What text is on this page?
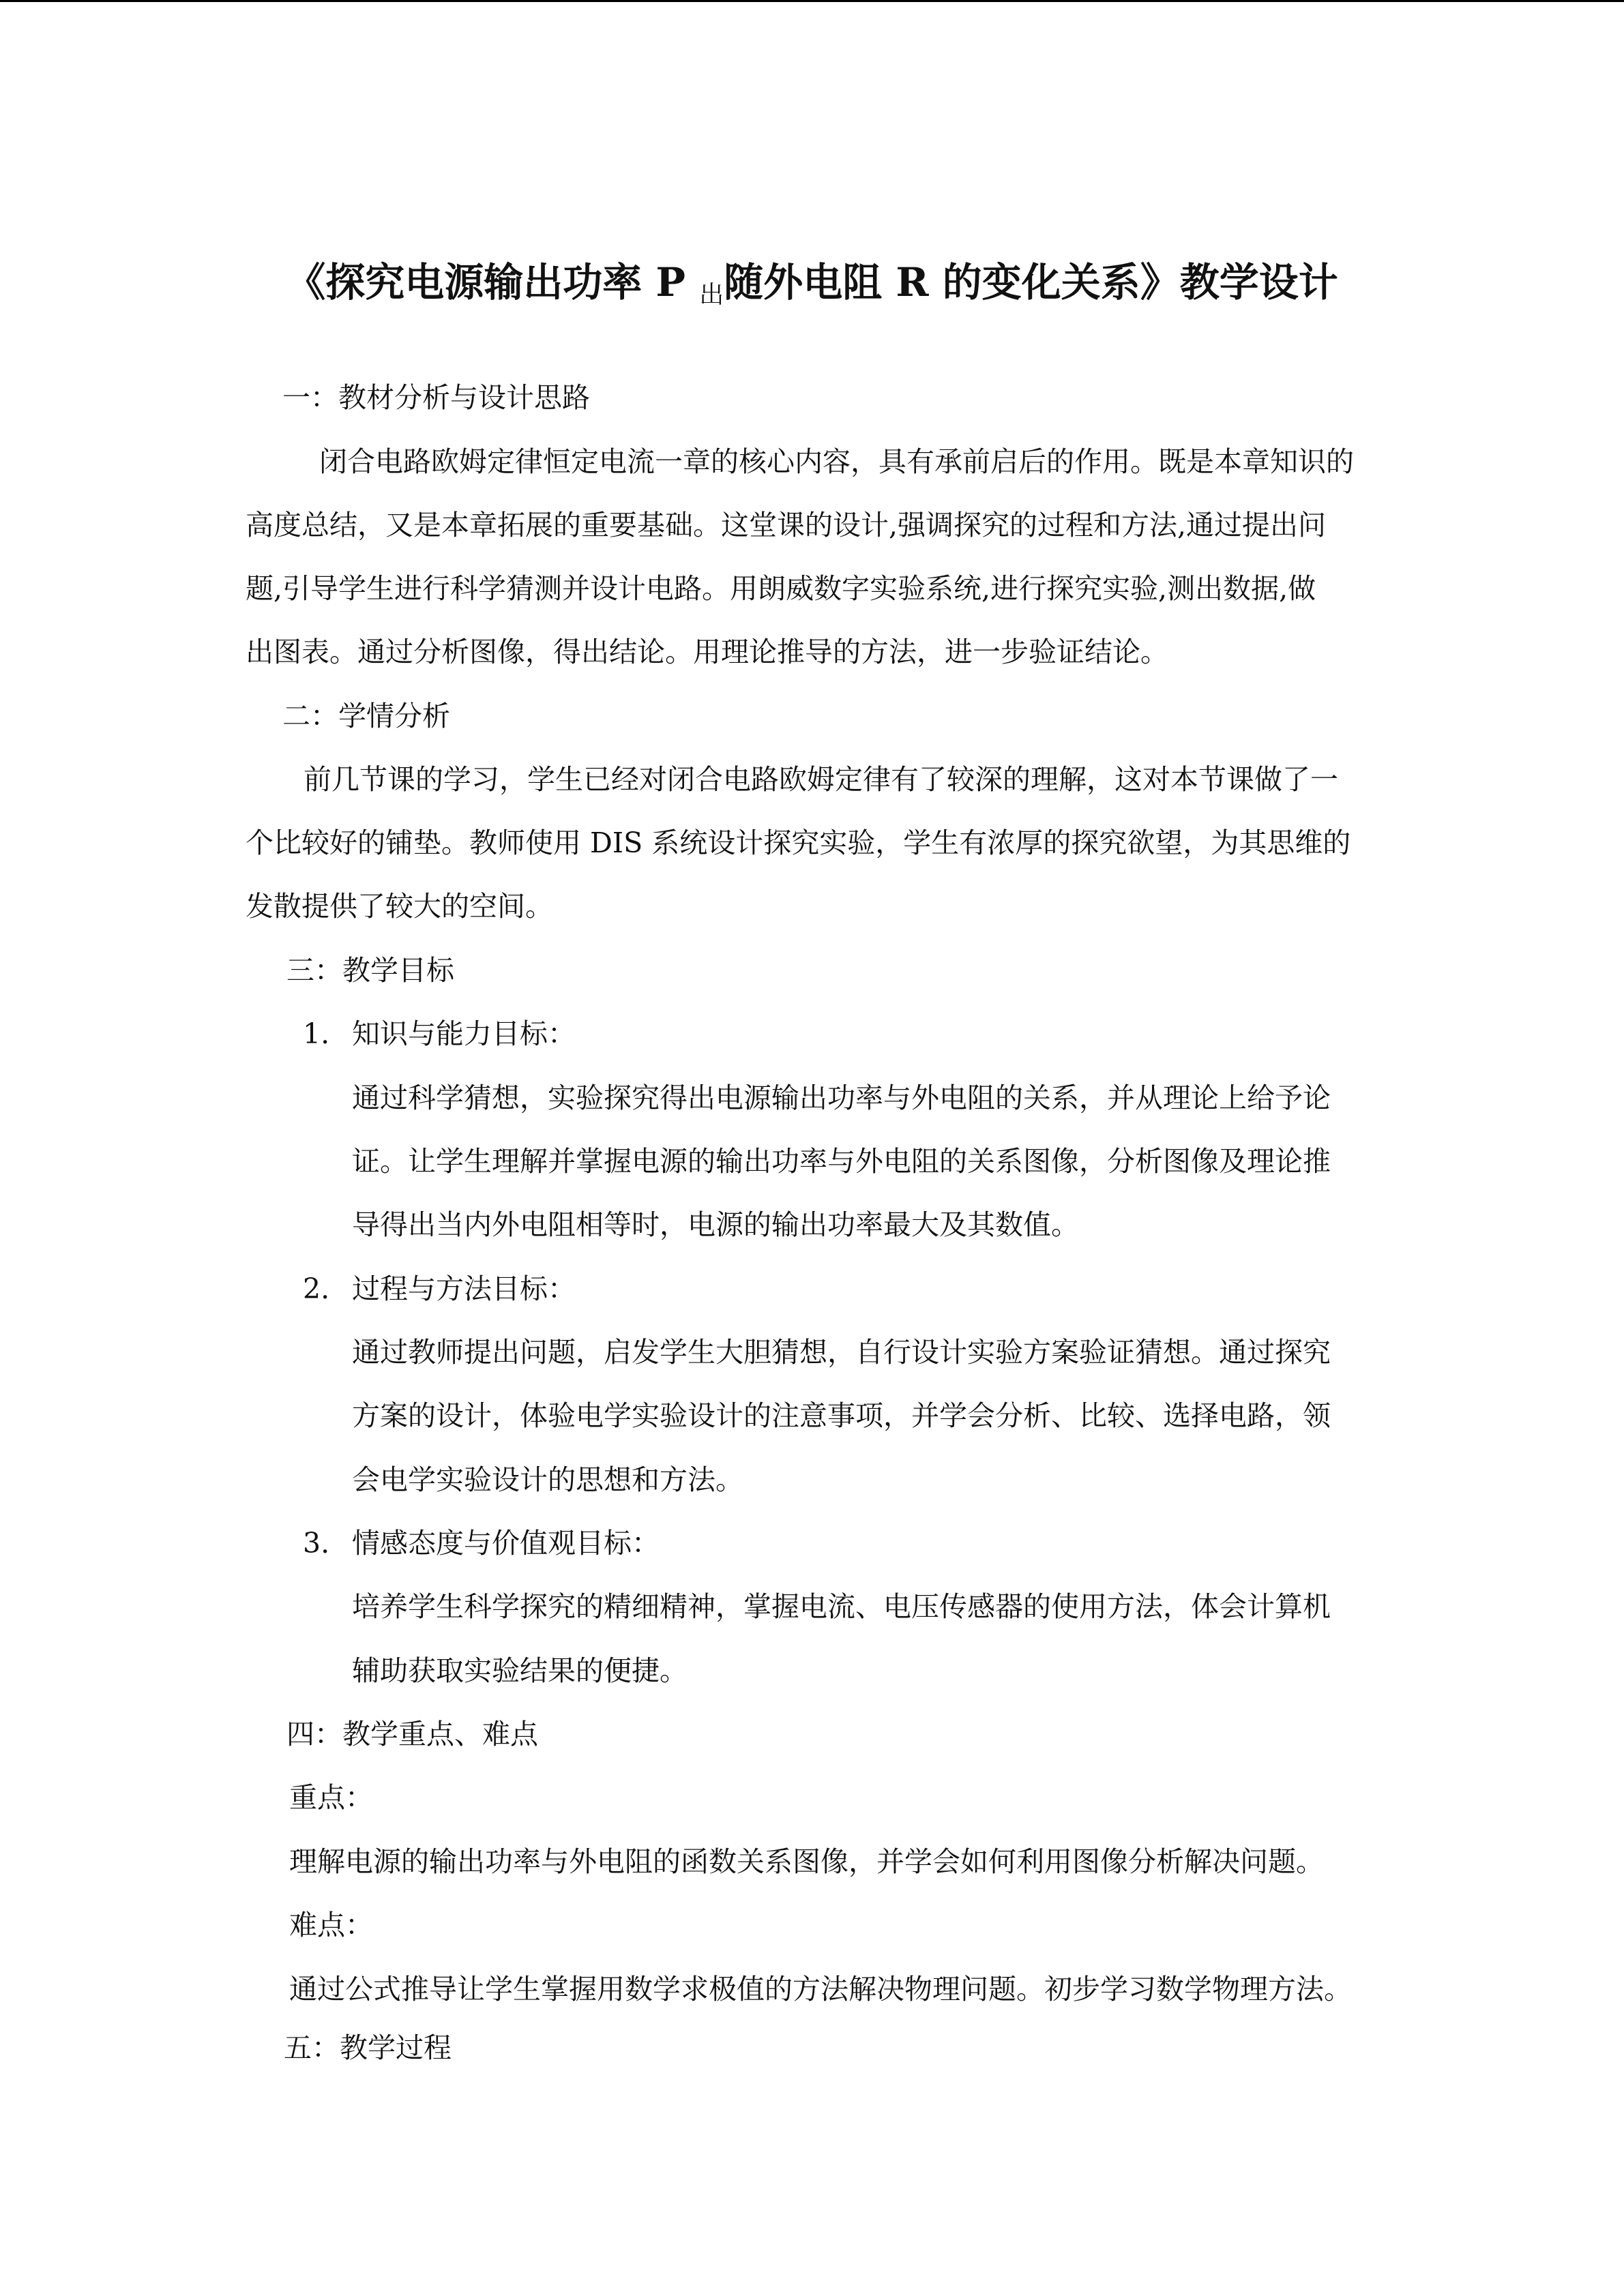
《探究电源输出功率 P $_出$随外电阻 R 的变化关系》教学设计
一：教材分析与设计思路
闭合电路欧姆定律恒定电流一章的核心内容，具有承前启后的作用。既是本章知识的
高度总结，又是本章拓展的重要基础。这堂课的设计,强调探究的过程和方法,通过提出问
题,引导学生进行科学猜测并设计电路。用朗威数字实验系统,进行探究实验,测出数据,做
出图表。通过分析图像，得出结论。用理论推导的方法，进一步验证结论。
二：学情分析
前几节课的学习，学生已经对闭合电路欧姆定律有了较深的理解，这对本节课做了一
个比较好的铺垫。教师使用 DIS 系统设计探究实验，学生有浓厚的探究欲望，为其思维的
发散提供了较大的空间。
三：教学目标
1. 知识与能力目标：
通过科学猜想，实验探究得出电源输出功率与外电阻的关系，并从理论上给予论
证。让学生理解并掌握电源的输出功率与外电阻的关系图像，分析图像及理论推
导得出当内外电阻相等时，电源的输出功率最大及其数值。
2. 过程与方法目标：
通过教师提出问题，启发学生大胆猜想，自行设计实验方案验证猜想。通过探究
方案的设计，体验电学实验设计的注意事项，并学会分析、比较、选择电路，领
会电学实验设计的思想和方法。
3. 情感态度与价值观目标：
培养学生科学探究的精细精神，掌握电流、电压传感器的使用方法，体会计算机
辅助获取实验结果的便捷。
四：教学重点、难点
重点：
理解电源的输出功率与外电阻的函数关系图像，并学会如何利用图像分析解决问题。
难点：
通过公式推导让学生掌握用数学求极值的方法解决物理问题。初步学习数学物理方法。
五：教学过程
